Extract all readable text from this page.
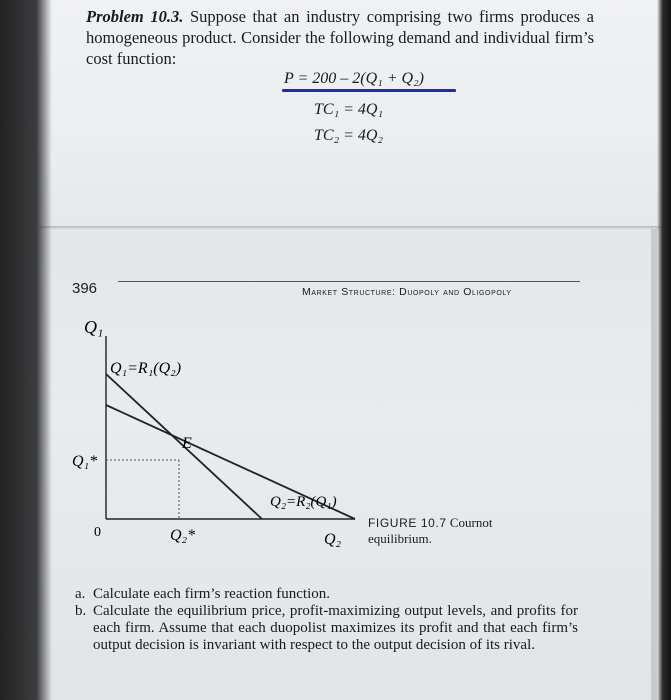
Problem 10.3. Suppose that an industry comprising two firms produces a homogeneous product. Consider the following demand and individual firm’s cost function:
P = 200 – 2(Q₁ + Q₂)
TC₁ = 4Q₁
TC₂ = 4Q₂
396	Market Structure: Duopoly and Oligopoly
Q₁
Q₁=R₁(Q₂)
E
Q₁*
Q₂=R₂(Q₁)
0	Q₂*	Q₂
FIGURE 10.7 Cournot equilibrium.
a. Calculate each firm’s reaction function.
b. Calculate the equilibrium price, profit-maximizing output levels, and profits for each firm. Assume that each duopolist maximizes its profit and that each firm’s output decision is invariant with respect to the output decision of its rival.
